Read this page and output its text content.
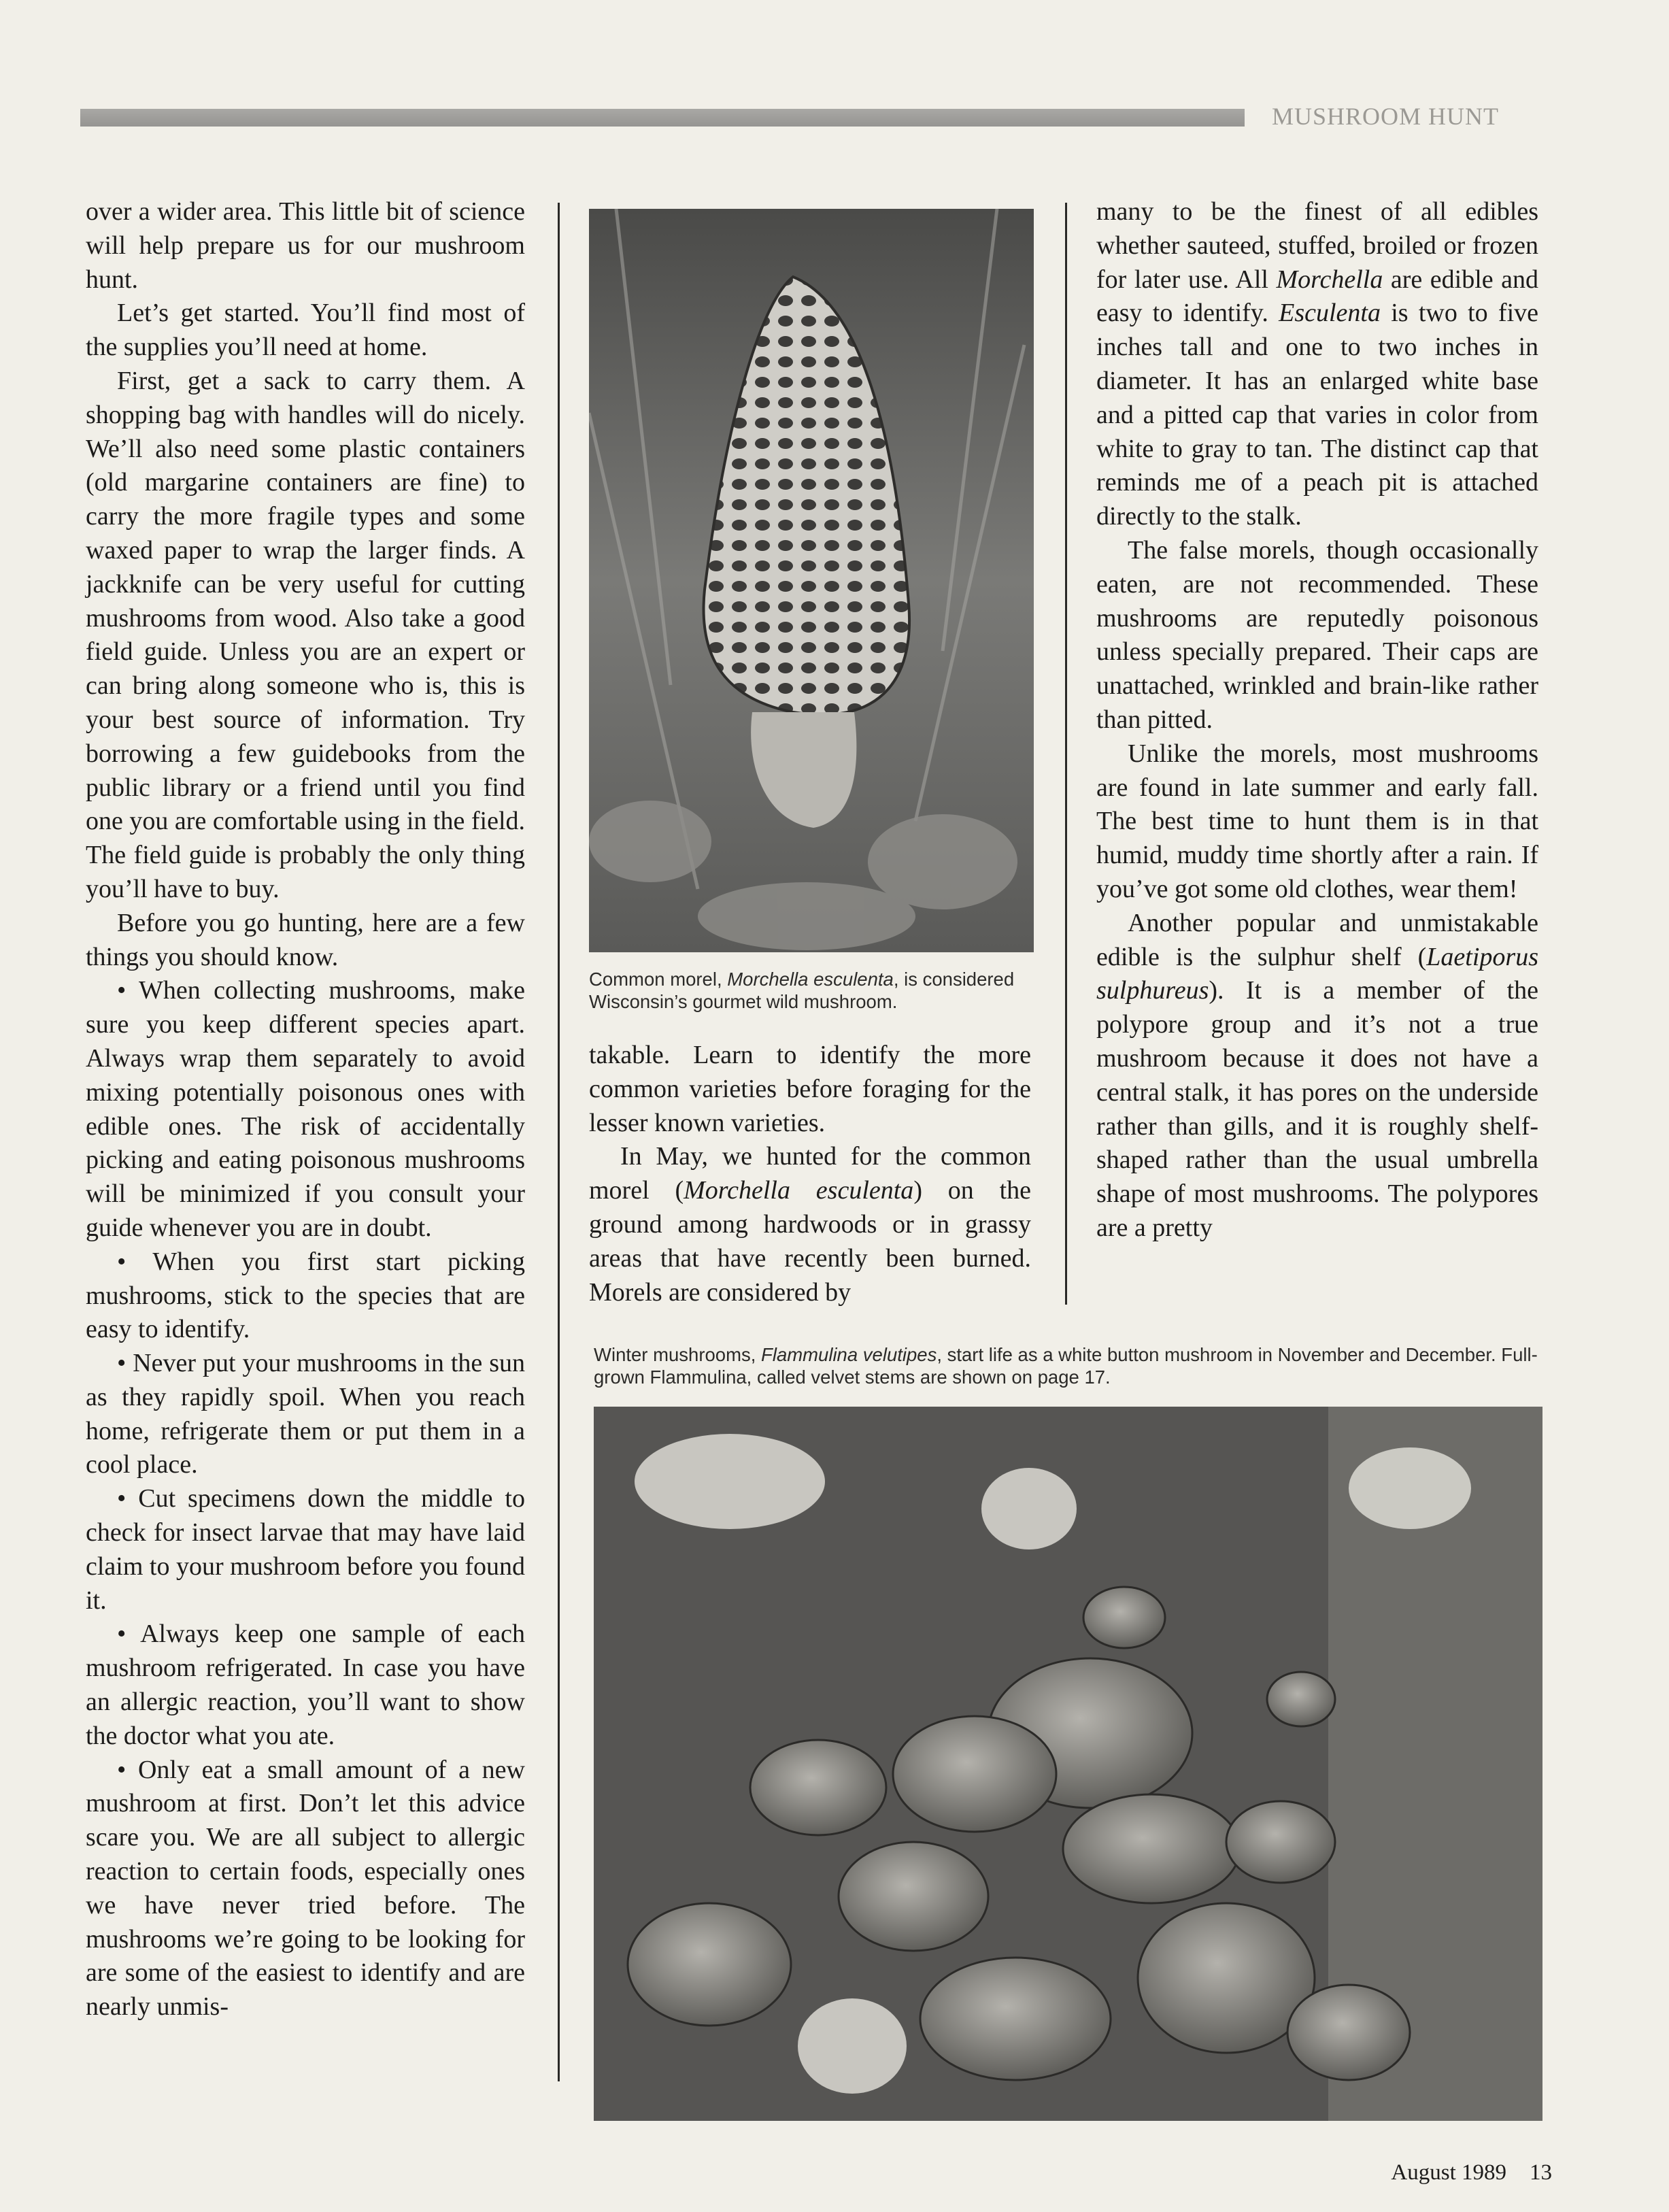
MUSHROOM HUNT

over a wider area. This little bit of science will help prepare us for our mushroom hunt.

Let’s get started. You’ll find most of the supplies you’ll need at home.

First, get a sack to carry them. A shopping bag with handles will do nicely. We’ll also need some plastic containers (old margarine containers are fine) to carry the more fragile types and some waxed paper to wrap the larger finds. A jackknife can be very useful for cutting mushrooms from wood. Also take a good field guide. Unless you are an expert or can bring along someone who is, this is your best source of information. Try borrowing a few guidebooks from the public library or a friend until you find one you are comfortable using in the field. The field guide is probably the only thing you’ll have to buy.

Before you go hunting, here are a few things you should know.

• When collecting mushrooms, make sure you keep different species apart. Always wrap them separately to avoid mixing potentially poisonous ones with edible ones. The risk of accidentally picking and eating poisonous mushrooms will be minimized if you consult your guide whenever you are in doubt.

• When you first start picking mushrooms, stick to the species that are easy to identify.

• Never put your mushrooms in the sun as they rapidly spoil. When you reach home, refrigerate them or put them in a cool place.

• Cut specimens down the middle to check for insect larvae that may have laid claim to your mushroom before you found it.

• Always keep one sample of each mushroom refrigerated. In case you have an allergic reaction, you’ll want to show the doctor what you ate.

• Only eat a small amount of a new mushroom at first. Don’t let this advice scare you. We are all subject to allergic reaction to certain foods, especially ones we have never tried before. The mushrooms we’re going to be looking for are some of the easiest to identify and are nearly unmis-

Common morel, Morchella esculenta, is considered Wisconsin’s gourmet wild mushroom.

takable. Learn to identify the more common varieties before foraging for the lesser known varieties.

In May, we hunted for the common morel (Morchella esculenta) on the ground among hardwoods or in grassy areas that have recently been burned. Morels are considered by

many to be the finest of all edibles whether sauteed, stuffed, broiled or frozen for later use. All Morchella are edible and easy to identify. Esculenta is two to five inches tall and one to two inches in diameter. It has an enlarged white base and a pitted cap that varies in color from white to gray to tan. The distinct cap that reminds me of a peach pit is attached directly to the stalk.

The false morels, though occasionally eaten, are not recommended. These mushrooms are reputedly poisonous unless specially prepared. Their caps are unattached, wrinkled and brain-like rather than pitted.

Unlike the morels, most mushrooms are found in late summer and early fall. The best time to hunt them is in that humid, muddy time shortly after a rain. If you’ve got some old clothes, wear them!

Another popular and unmistakable edible is the sulphur shelf (Laetiporus sulphureus). It is a member of the polypore group and it’s not a true mushroom because it does not have a central stalk, it has pores on the underside rather than gills, and it is roughly shelf-shaped rather than the usual umbrella shape of most mushrooms. The polypores are a pretty

Winter mushrooms, Flammulina velutipes, start life as a white button mushroom in November and December. Full-grown Flammulina, called velvet stems are shown on page 17.
August 1989 13
